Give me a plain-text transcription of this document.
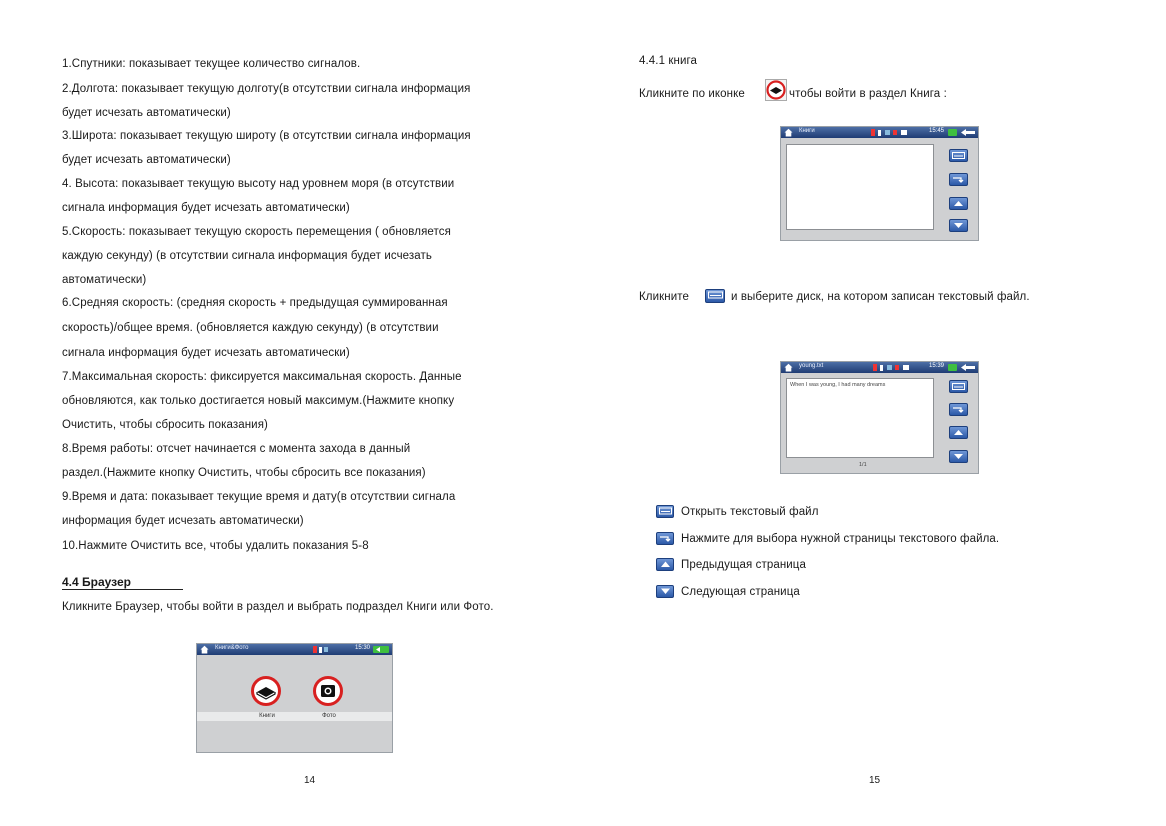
1.Спутники: показывает текущее количество сигналов.
2.Долгота: показывает текущую долготу(в отсутствии сигнала информация
будет исчезать автоматически)
3.Широта: показывает текущую широту (в отсутствии сигнала информация
будет исчезать автоматически)
4. Высота: показывает текущую высоту над уровнем моря (в отсутствии
сигнала информация будет исчезать автоматически)
5.Скорость: показывает текущую скорость перемещения ( обновляется
каждую секунду) (в отсутствии сигнала информация будет исчезать
автоматически)
6.Средняя скорость: (средняя скорость + предыдущая суммированная
скорость)/общее время. (обновляется каждую секунду) (в отсутствии
сигнала информация будет исчезать автоматически)
7.Максимальная скорость: фиксируется максимальная скорость. Данные
обновляются, как только достигается новый максимум.(Нажмите кнопку
Очистить, чтобы сбросить показания)
8.Время работы: отсчет начинается с момента захода в данный
раздел.(Нажмите кнопку Очистить, чтобы сбросить все показания)
9.Время и дата: показывает текущие время и дату(в отсутствии сигнала
информация будет исчезать автоматически)
10.Нажмите Очистить все, чтобы удалить показания 5-8
4.4 Браузер
Кликните Браузер, чтобы войти в раздел и выбрать подраздел Книги или Фото.
Книги&Фото	15:30
Книги	Фото
14
4.4.1 книга
Кликните по иконке	чтобы войти в раздел Книга :
Книги	15:45
Кликните	и выберите диск, на котором записан текстовый файл.
young.txt	15:39
When I was young, I had many dreams
1/1
Открыть текстовый файл
Нажмите для выбора нужной страницы текстового файла.
Предыдущая страница
Следующая страница
15
